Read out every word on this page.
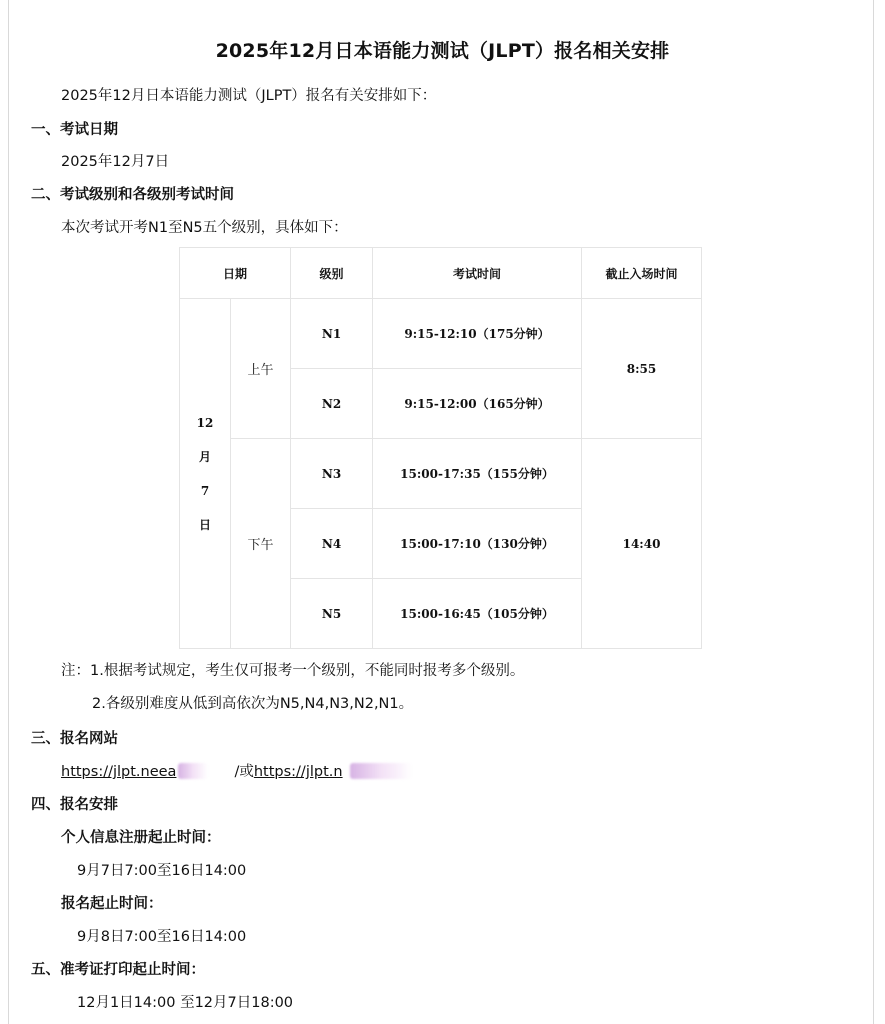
2025年12月日本语能力测试（JLPT）报名相关安排
2025年12月日本语能力测试（JLPT）报名有关安排如下：
一、考试日期
2025年12月7日
二、考试级别和各级别考试时间
本次考试开考N1至N5五个级别，具体如下：
日期		级别	考试时间	截止入场时间

12
月
7
日	上午	N1	9:15-12:10（175分钟）	8:55
		N2	9:15-12:00（165分钟）	
	下午	N3	15:00-17:35（155分钟）	14:40
		N4	15:00-17:10（130分钟）	
		N5	15:00-16:45（105分钟）	
注：1.根据考试规定，考生仅可报考一个级别，不能同时报考多个级别。
2.各级别难度从低到高依次为N5,N4,N3,N2,N1。
三、报名网站
https://jlpt.neea	/或https://jlpt.n
四、报名安排
个人信息注册起止时间：
9月7日7:00至16日14:00
报名起止时间：
9月8日7:00至16日14:00
五、准考证打印起止时间：
12月1日14:00 至12月7日18:00
